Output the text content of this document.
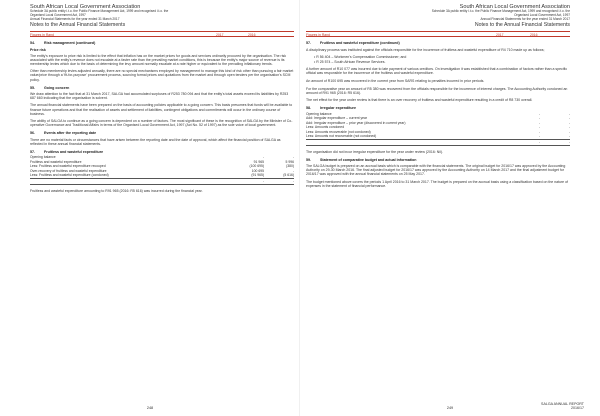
South African Local Government Association
Schedule 3A public entity i.t.o. the Public Finance Management Act, 1999 and recognised i.t.o. the
Organised Local Government Act, 1997
Annual Financial Statements for the year ended 31 March 2017
Notes to the Annual Financial Statements
Figures in Rand	2017	2016
54.	Risk management (continued)
Price risk

The entity's exposure to price risk is limited to the effect that inflation has on the market prices for goods and services ordinarily procured by the organisation. The risk associated with the entity's revenue does not escalate at a faster rate than the prevailing market conditions, this is because the entity's major source of revenue is its membership levies which due to the basis of determining the levy amount normally escalate at a rate higher or equivalent to the prevailing inflationary trends.

Other than membership levies adjusted annually, there are no special mechanisms employed by management to manage this kind of risk other than pursuing a fair market value/price through a 'fit-for-purpose' procurement process, sourcing formal prices and quotations from the market and through open tenders per the organisation's SCM policy.

55.	Going concern

We draw attention to the fact that at 31 March 2017, SALGA had accumulated surpluses of R253 780 094 and that the entity's total assets exceed its liabilities by R253 687 660 indicating that the organisation is solvent.

The annual financial statements have been prepared on the basis of accounting policies applicable to a going concern. This basis presumes that funds will be available to finance future operations and that the realisation of assets and settlement of liabilities, contingent obligations and commitments will occur in the ordinary course of business.

The ability of SALGA to continue as a going concern is dependent on a number of factors. The most significant of these is the recognition of SALGA by the Minister of Co-operative Governance and Traditional Affairs in terms of the Organised Local Government Act, 1997 (Act No. 52 of 1997) as the sole voice of local government.

56.	Events after the reporting date

There are no material facts or circumstances that have arisen between the reporting date and the date of approval, which affect the financial position of SALGA as reflected in these annual financial statements.

57.	Fruitless and wasteful expenditure
Opening balance	-	-
Fruitless and wasteful expenditure	91 965	5 996
Less: Fruitless and wasteful expenditure recouped	(100 695)	(380)
Over-recovery of fruitless and wasteful expenditure	100 695	-
Less: Fruitless and wasteful expenditure (condoned)	(91 965)	(5 616)
	-	-

Fruitless and wasteful expenditure amounting to R91 965 (2016: R5 616) was incurred during the financial year.

248
South African Local Government Association
Schedule 3A public entity i.t.o. the Public Finance Management Act, 1999 and recognised i.t.o. the
Organised Local Government Act, 1997
Annual Financial Statements for the year ended 31 March 2017
Notes to the Annual Financial Statements
Figures in Rand	2017	2016
57.	Fruitless and wasteful expenditure (continued)

A disciplinary process was instituted against the officials responsible for the incurrence of fruitless and wasteful expenditure of R4 710 made up as follows;

• R 56 404 – Workmen's Compensation Commissioner; and
• R 25 574 – South African Revenue Services.

A further amount of R10 077 was incurred due to late payment of various creditors. On investigation it was established that a combination of factors rather than a specific official was responsible for the incurrence of the fruitless and wasteful expenditure.

An amount of R100 695 was recovered in the current year from SARS relating to penalties incurred in prior periods.

For the comparative year an amount of R5 380 was recovered from the officials responsible for the incurrence of interest charges. The Accounting Authority condoned an amount of R91 965 (2016: R5 616).

The net effect for the year under review is that there is an over recovery of fruitless and wasteful expenditure resulting in a credit of R8 730 overall.

58.	Irregular expenditure
Opening balance	-	-
Add: Irregular expenditure – current year	-	-
Add: Irregular expenditure – prior year (discovered in current year)	-	-
Less: Amounts condoned	-	-
Less: Amounts recoverable (not condoned)	-	-
Less: Amounts not recoverable (not condoned)	-	-
	-	-

The organisation did not incur irregular expenditure for the year under review (2016: Nil).

59.	Statement of comparative budget and actual information

The SALGA budget is prepared on an accrual basis which is comparable with the financial statements. The original budget for 2016/17 was approved by the Accounting Authority on 29-30 March 2016. The final adjusted budget for 2016/17 was approved by the Accounting Authority on 14 March 2017 and the final adjustment budget for 2016/17 was approved with the annual financial statements on 25 May 2017.

The budget mentioned above covers the periods 1 April 2016 to 31 March 2017. The budget is prepared on the accrual basis using a classification based on the nature of expenses in the statement of financial performance.

249
SALGA ANNUAL REPORT
2016/17
